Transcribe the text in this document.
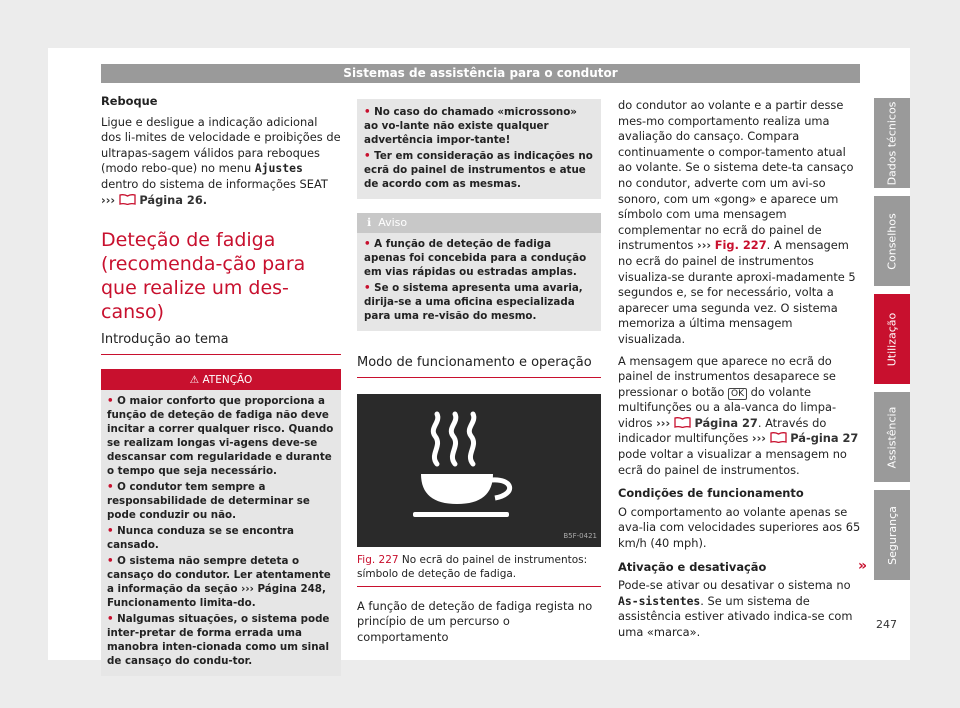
Sistemas de assistência para o condutor

Reboque

Ligue e desligue a indicação adicional dos li-mites de velocidade e proibições de ultrapas-sagem válidos para reboques (modo rebo-que) no menu Ajustes dentro do sistema de informações SEAT ››› Página 26.

Deteção de fadiga (recomenda-ção para que realize um des-canso)
Introdução ao tema
⚠ ATENÇÃO
• O maior conforto que proporciona a função de deteção de fadiga não deve incitar a correr qualquer risco. Quando se realizam longas vi-agens deve-se descansar com regularidade e durante o tempo que seja necessário.
• O condutor tem sempre a responsabilidade de determinar se pode conduzir ou não.
• Nunca conduza se se encontra cansado.
• O sistema não sempre deteta o cansaço do condutor. Ler atentamente a informação da seção ››› Página 248, Funcionamento limita-do.
• Nalgumas situações, o sistema pode inter-pretar de forma errada uma manobra inten-cionada como um sinal de cansaço do condu-tor.
• No caso do chamado «microssono» ao vo-lante não existe qualquer advertência impor-tante!
• Ter em consideração as indicações no ecrã do painel de instrumentos e atue de acordo com as mesmas.
ℹ  Aviso
• A função de deteção de fadiga apenas foi concebida para a condução em vias rápidas ou estradas amplas.
• Se o sistema apresenta uma avaria, dirija-se a uma oficina especializada para uma re-visão do mesmo.
Modo de funcionamento e operação
B5F-0421
Fig. 227 No ecrã do painel de instrumentos: símbolo de deteção de fadiga.

A função de deteção de fadiga regista no princípio de um percurso o comportamento

do condutor ao volante e a partir desse mes-mo comportamento realiza uma avaliação do cansaço. Compara continuamente o compor-tamento atual ao volante. Se o sistema dete-ta cansaço no condutor, adverte com um avi-so sonoro, com um «gong» e aparece um símbolo com uma mensagem complementar no ecrã do painel de instrumentos ››› Fig. 227. A mensagem no ecrã do painel de instrumentos visualiza-se durante aproxi-madamente 5 segundos e, se for necessário, volta a aparecer uma segunda vez. O sistema memoriza a última mensagem visualizada.

A mensagem que aparece no ecrã do painel de instrumentos desaparece se pressionar o botão OK do volante multifunções ou a ala-vanca do limpa-vidros ››› Página 27. Através do indicador multifunções ››› Pá-gina 27 pode voltar a visualizar a mensagem no ecrã do painel de instrumentos.

Condições de funcionamento

O comportamento ao volante apenas se ava-lia com velocidades superiores aos 65 km/h (40 mph).

Ativação e desativação

Pode-se ativar ou desativar o sistema no As-sistentes. Se um sistema de assistência estiver ativado indica-se com uma «marca».

»
Dados técnicos
Conselhos
Utilização
Assistência
Segurança
247
